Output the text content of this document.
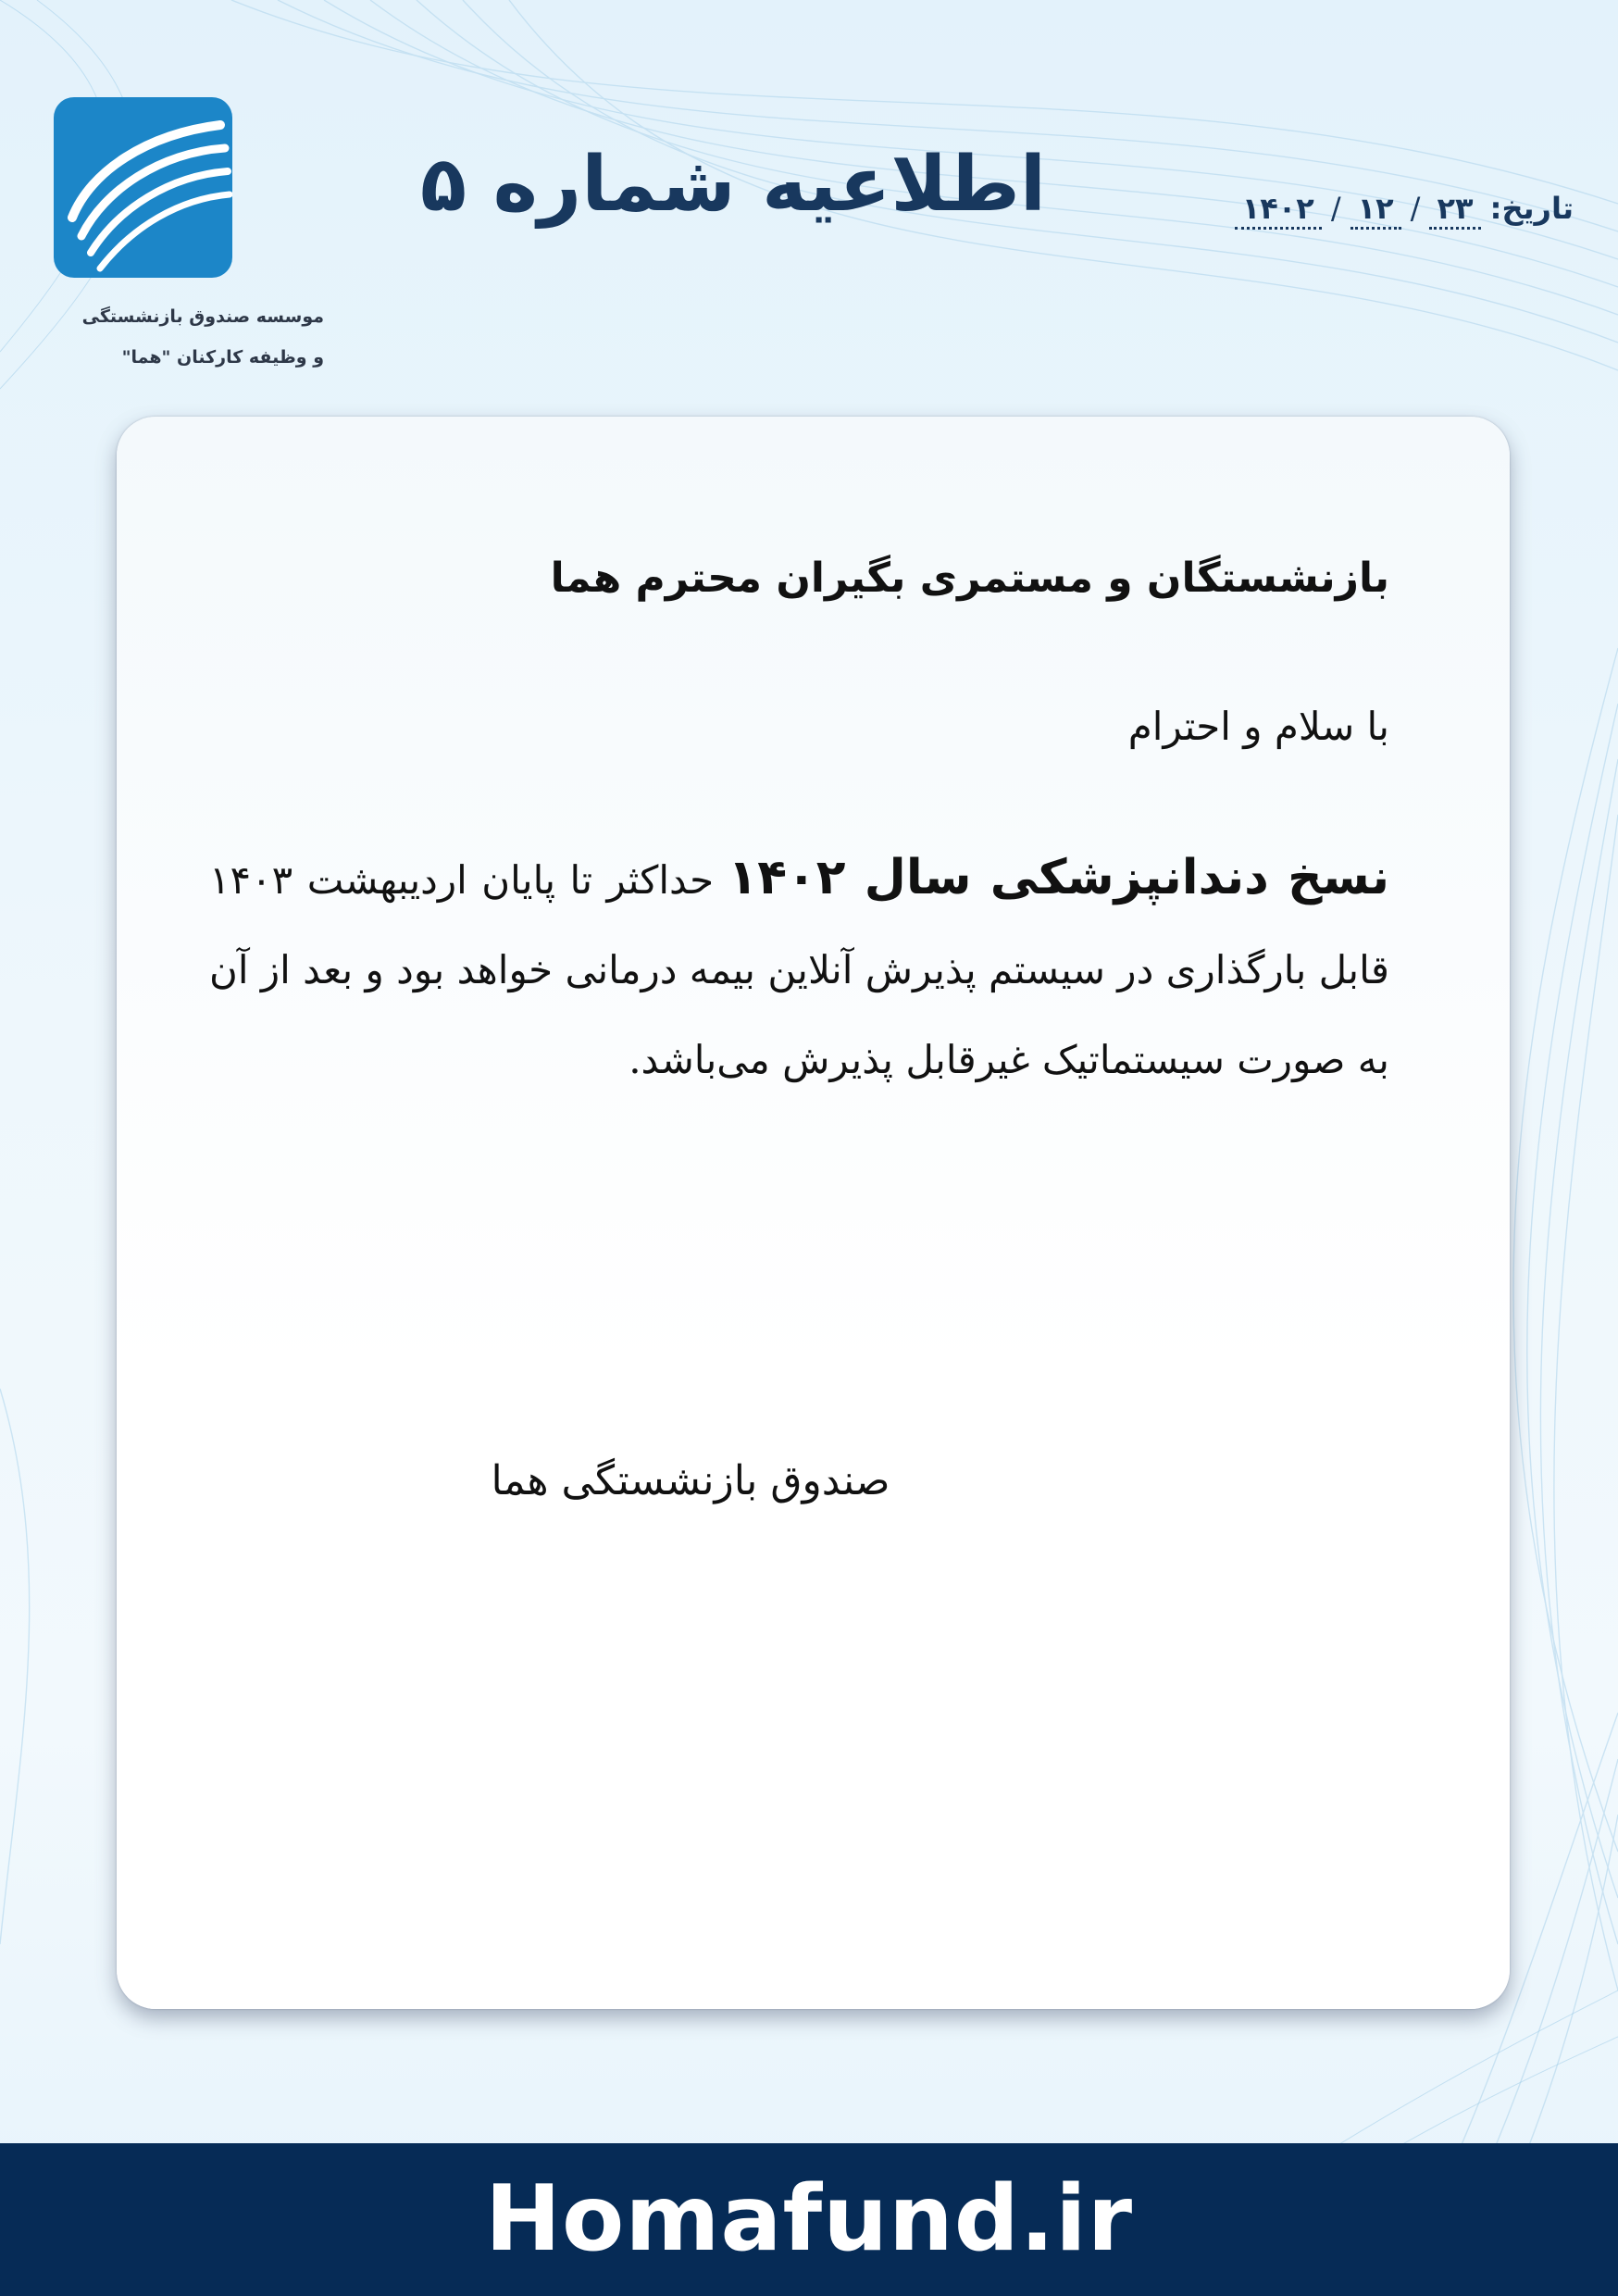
موسسه صندوق بازنشستگی
و وظیفه کارکنان "هما"
اطلاعیه شماره ۵	تاریخ: ۲۳/۱۲/۱۴۰۲

بازنشستگان و مستمری بگیران محترم هما

با سلام و احترام
نسخ دندانپزشکی سال ۱۴۰۲ حداکثر تا پایان اردیبهشت ۱۴۰۳ قابل بارگذاری در سیستم پذیرش آنلاین بیمه درمانی خواهد بود و بعد از آن به صورت سیستماتیک غیرقابل پذیرش می‌باشد.
صندوق بازنشستگی هما
Homafund.ir
